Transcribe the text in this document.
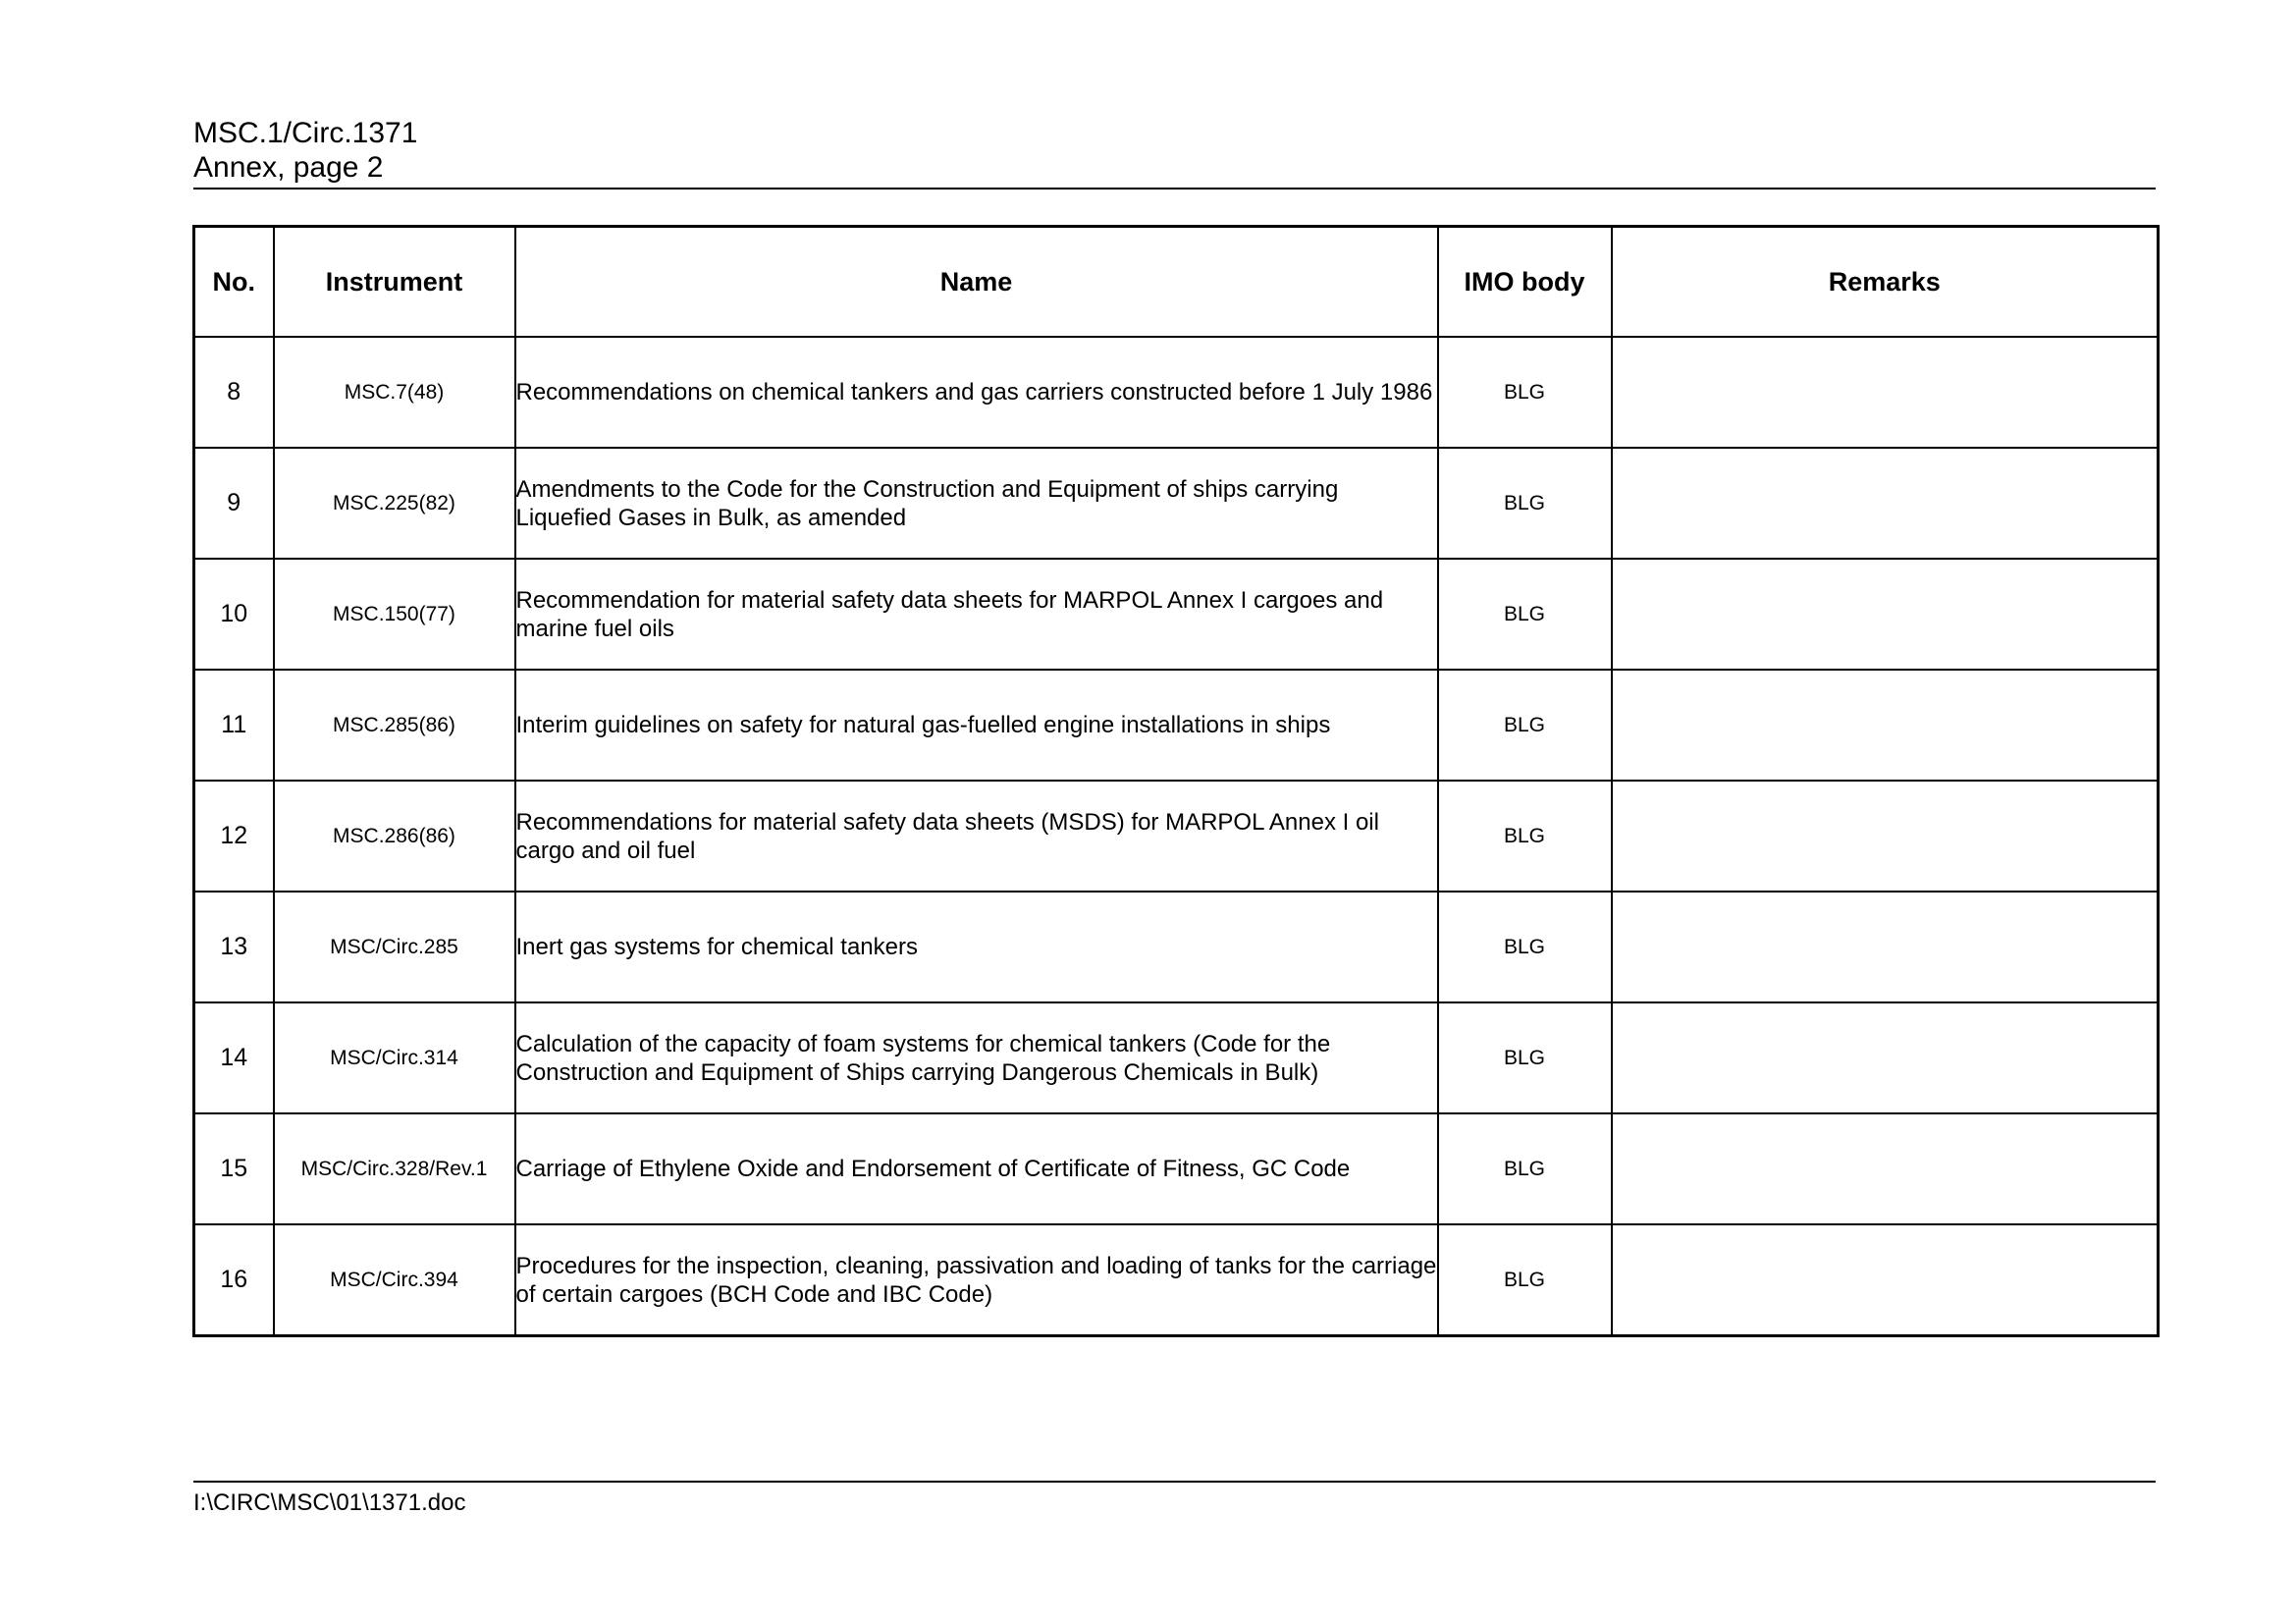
MSC.1/Circ.1371
Annex, page 2
No.	Instrument	Name	IMO body	Remarks
8	MSC.7(48)	Recommendations on chemical tankers and gas carriers constructed before 1 July 1986	BLG	
9	MSC.225(82)	Amendments to the Code for the Construction and Equipment of ships carrying Liquefied Gases in Bulk, as amended	BLG	
10	MSC.150(77)	Recommendation for material safety data sheets for MARPOL Annex I cargoes and marine fuel oils	BLG	
11	MSC.285(86)	Interim guidelines on safety for natural gas-fuelled engine installations in ships	BLG	
12	MSC.286(86)	Recommendations for material safety data sheets (MSDS) for MARPOL Annex I oil cargo and oil fuel	BLG	
13	MSC/Circ.285	Inert gas systems for chemical tankers	BLG	
14	MSC/Circ.314	Calculation of the capacity of foam systems for chemical tankers (Code for the Construction and Equipment of Ships carrying Dangerous Chemicals in Bulk)	BLG	
15	MSC/Circ.328/Rev.1	Carriage of Ethylene Oxide and Endorsement of Certificate of Fitness, GC Code	BLG	
16	MSC/Circ.394	Procedures for the inspection, cleaning, passivation and loading of tanks for the carriage of certain cargoes (BCH Code and IBC Code)	BLG	
I:\CIRC\MSC\01\1371.doc
